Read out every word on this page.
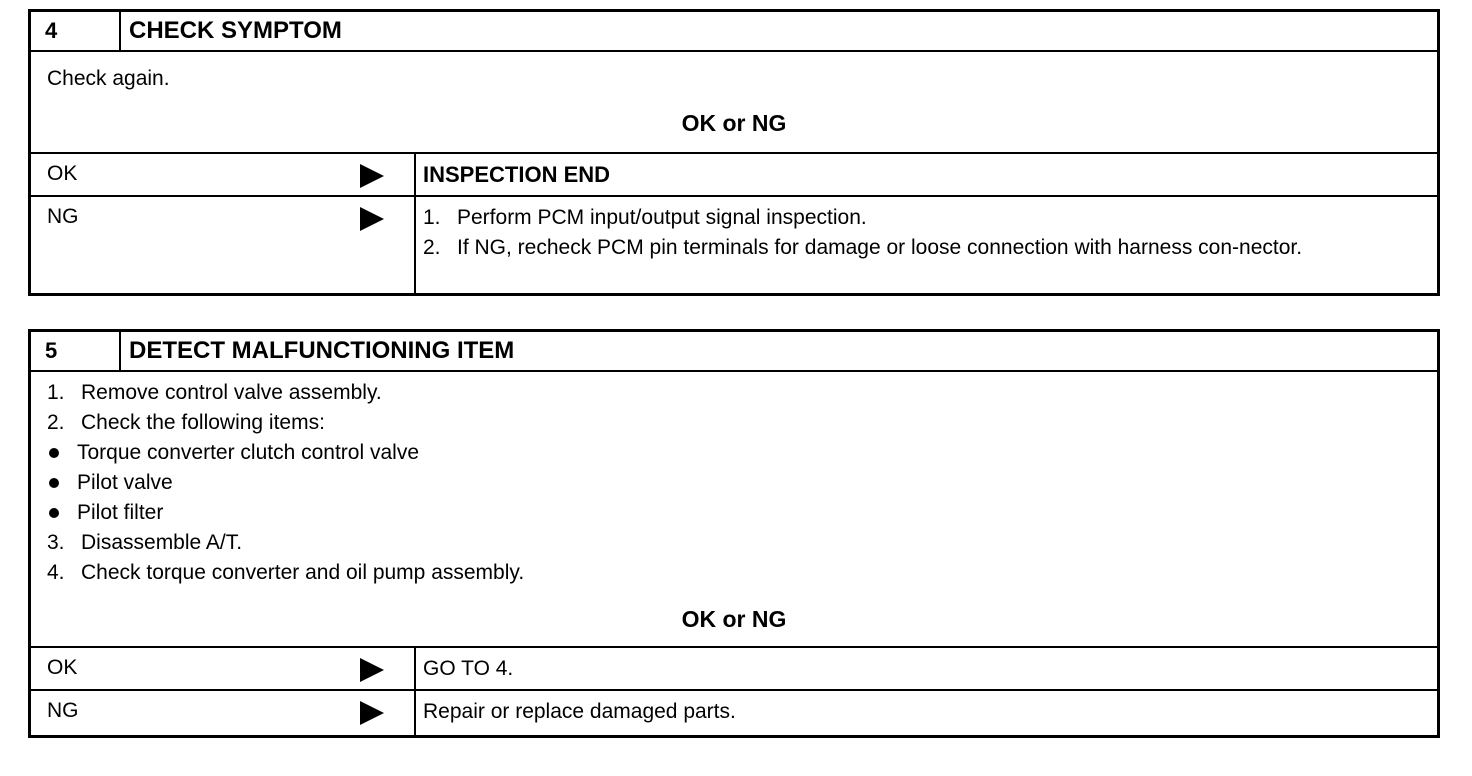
4	CHECK SYMPTOM
Check again.
OK or NG
OK	INSPECTION END
NG	1. Perform PCM input/output signal inspection.
2. If NG, recheck PCM pin terminals for damage or loose connection with harness con-nector.
5	DETECT MALFUNCTIONING ITEM
1. Remove control valve assembly.
2. Check the following items:
Torque converter clutch control valve
Pilot valve
Pilot filter
3. Disassemble A/T.
4. Check torque converter and oil pump assembly.
OK or NG
OK	GO TO 4.
NG	Repair or replace damaged parts.
